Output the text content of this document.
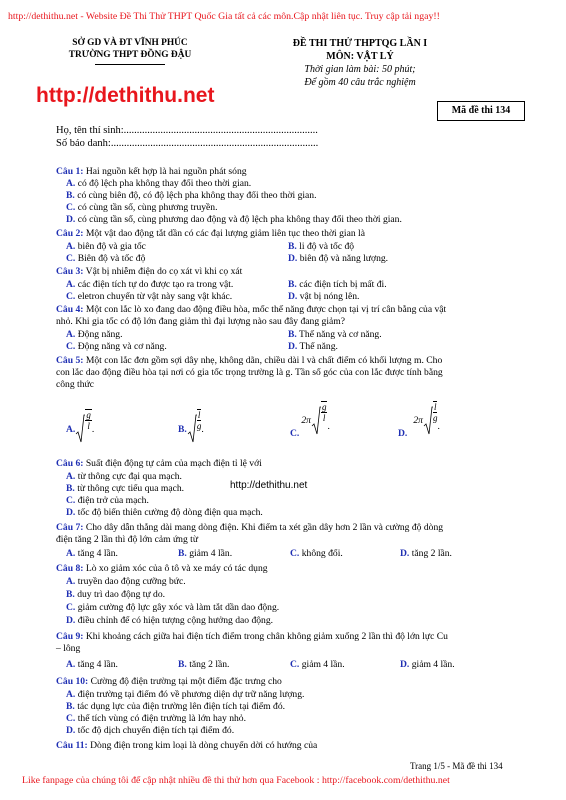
http://dethithu.net - Website Đề Thi Thử THPT Quốc Gia tất cả các môn.Cập nhật liên tục. Truy cập tải ngay!!
SỞ GD VÀ ĐT VĨNH PHÚC
TRƯỜNG THPT ĐỒNG ĐẬU
ĐỀ THI THỬ THPTQG LẦN I
MÔN: VẬT LÝ
Thời gian làm bài: 50 phút;
Để gồm 40 câu trắc nghiệm
http://dethithu.net
Mã đề thi 134
Họ, tên thí sinh:..........................................................................
Số báo danh:...............................................................................
Câu 1: Hai nguồn kết hợp là hai nguồn phát sóng
A. có độ lệch pha không thay đổi theo thời gian.
B. có cùng biên độ, có độ lệch pha không thay đổi theo thời gian.
C. có cùng tần số, cùng phương truyền.
D. có cùng tần số, cùng phương dao động và độ lệch pha không thay đổi theo thời gian.
Câu 2: Một vật dao động tắt dần có các đại lượng giảm liên tục theo thời gian là
A. biên độ và gia tốc	B. li độ và tốc độ
C. Biên độ và tốc độ	D. biên độ và năng lượng.
Câu 3: Vật bị nhiễm điện do cọ xát vì khi cọ xát
A. các điện tích tự do được tạo ra trong vật.	B. các điện tích bị mất đi.
C. eletron chuyển từ vật này sang vật khác.	D. vật bị nóng lên.
Câu 4: Một con lắc lò xo đang dao động điều hòa, mốc thế năng được chọn tại vị trí cân bằng của vật
nhỏ. Khi gia tốc có độ lớn đang giảm thì đại lượng nào sau đây đang giảm?
A. Động năng.	B. Thế năng và cơ năng.
C. Động năng và cơ năng.	D. Thế năng.
Câu 5: Một con lắc đơn gồm sợi dây nhẹ, không dãn, chiều dài l và chất điểm có khối lượng m. Cho
con lắc dao động điều hòa tại nơi có gia tốc trọng trường là g. Tần số góc của con lắc được tính bằng
công thức
A. $\frac{g}{l}$ .	B. $\frac{l}{g}$ .	C.
$2\pi \frac{g}{l}$
.
D.
$2\pi \frac{l}{g}$
.
Câu 6: Suất điện động tự cảm của mạch điện tỉ lệ với
A. từ thông cực đại qua mạch.
B. từ thông cực tiểu qua mạch.	http://dethithu.net
C. điện trở của mạch.
D. tốc độ biến thiên cường độ dòng điện qua mạch.
Câu 7: Cho dây dẫn thẳng dài mang dòng điện. Khi điểm ta xét gần dây hơn 2 lần và cường độ dòng
điện tăng 2 lần thì độ lớn cảm ứng từ
A. tăng 4 lần.	B. giảm 4 lần.	C. không đổi.	D. tăng 2 lần.
Câu 8: Lò xo giảm xóc của ô tô và xe máy có tác dụng
A. truyền dao động cưỡng bức.
B. duy trì dao động tự do.
C. giảm cường độ lực gây xóc và làm tắt dần dao động.
D. điều chỉnh để có hiện tượng cộng hưởng dao động.
Câu 9: Khi khoảng cách giữa hai điện tích điểm trong chân không giảm xuống 2 lần thì độ lớn lực Cu
– lông
A. tăng 4 lần.	B. tăng 2 lần.	C. giảm 4 lần.	D. giảm 4 lần.
Câu 10: Cường độ điện trường tại một điểm đặc trưng cho
A. điện trường tại điểm đó về phương diện dự trữ năng lượng.
B. tác dụng lực của điện trường lên điện tích tại điểm đó.
C. thể tích vùng có điện trường là lớn hay nhỏ.
D. tốc độ dịch chuyển điện tích tại điểm đó.
Câu 11: Dòng điện trong kim loại là dòng chuyển dời có hướng của
Trang 1/5 - Mã đề thi 134
Like fanpage của chúng tôi để cập nhật nhiều đề thi thử hơn qua Facebook : http://facebook.com/dethithu.net
